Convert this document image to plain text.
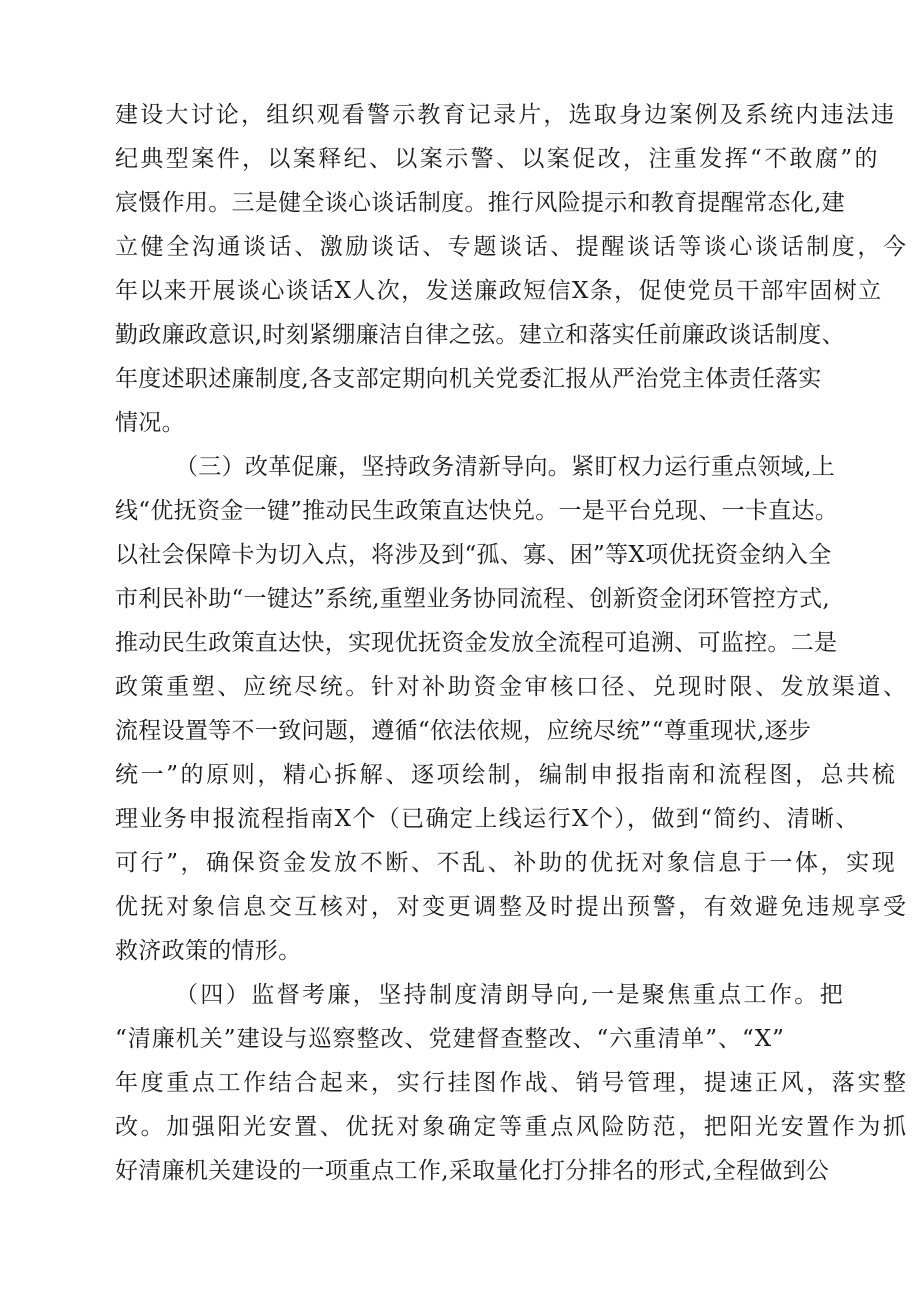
建设大讨论，组织观看警示教育记录片，选取身边案例及系统内违法违
纪典型案件，以案释纪、以案示警、以案促改，注重发挥“不敢腐”的
宸慑作用。三是健全谈心谈话制度。推行风险提示和教育提醒常态化,建
立健全沟通谈话、激励谈话、专题谈话、提醒谈话等谈心谈话制度，今
年以来开展谈心谈话X人次，发送廉政短信X条，促使党员干部牢固树立
勤政廉政意识,时刻紧绷廉洁自律之弦。建立和落实任前廉政谈话制度、
年度述职述廉制度,各支部定期向机关党委汇报从严治党主体责任落实
情况。
（三）改革促廉，坚持政务清新导向。紧盯权力运行重点领域,上
线“优抚资金一键”推动民生政策直达快兑。一是平台兑现、一卡直达。
以社会保障卡为切入点，将涉及到“孤、寡、困”等X项优抚资金纳入全
市利民补助“一键达”系统,重塑业务协同流程、创新资金闭环管控方式,
推动民生政策直达快，实现优抚资金发放全流程可追溯、可监控。二是
政策重塑、应统尽统。针对补助资金审核口径、兑现时限、发放渠道、
流程设置等不一致问题，遵循“依法依规，应统尽统”“尊重现状,逐步
统一”的原则，精心拆解、逐项绘制，编制申报指南和流程图，总共梳
理业务申报流程指南X个（已确定上线运行X个），做到“简约、清晰、
可行”，确保资金发放不断、不乱、补助的优抚对象信息于一体，实现
优抚对象信息交互核对，对变更调整及时提出预警，有效避免违规享受
救济政策的情形。
（四）监督考廉，坚持制度清朗导向,一是聚焦重点工作。把
“清廉机关”建设与巡察整改、党建督查整改、“六重清单”、“X”
年度重点工作结合起来，实行挂图作战、销号管理，提速正风，落实整
改。加强阳光安置、优抚对象确定等重点风险防范，把阳光安置作为抓
好清廉机关建设的一项重点工作,采取量化打分排名的形式,全程做到公
